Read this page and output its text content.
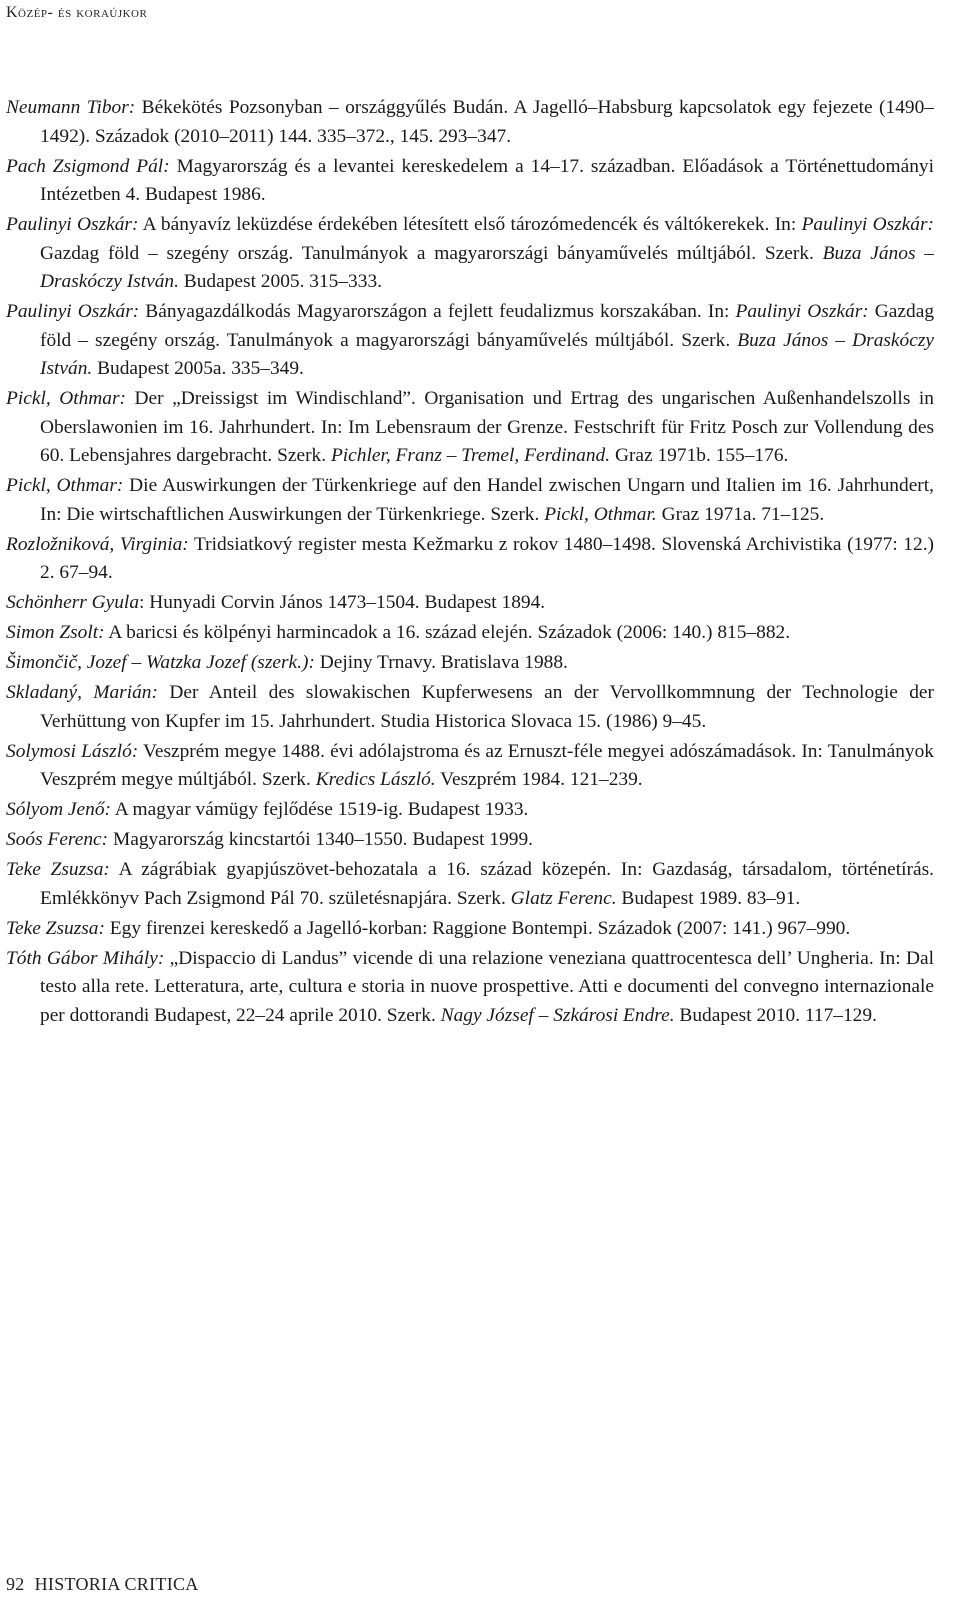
Közép- és koraújkor

Neumann Tibor: Békekötés Pozsonyban – országgyűlés Budán. A Jagelló–Habsburg kapcsolatok egy fejezete (1490–1492). Századok (2010–2011) 144. 335–372., 145. 293–347.

Pach Zsigmond Pál: Magyarország és a levantei kereskedelem a 14–17. században. Előadások a Történettudományi Intézetben 4. Budapest 1986.

Paulinyi Oszkár: A bányavíz leküzdése érdekében létesített első tározómedencék és váltókerekek. In: Paulinyi Oszkár: Gazdag föld – szegény ország. Tanulmányok a magyarországi bányaművelés múltjából. Szerk. Buza János – Draskóczy István. Budapest 2005. 315–333.

Paulinyi Oszkár: Bányagazdálkodás Magyarországon a fejlett feudalizmus korszakában. In: Paulinyi Oszkár: Gazdag föld – szegény ország. Tanulmányok a magyarországi bányaművelés múltjából. Szerk. Buza János – Draskóczy István. Budapest 2005a. 335–349.

Pickl, Othmar: Der „Dreissigst im Windischland”. Organisation und Ertrag des ungarischen Außenhandelszolls in Oberslawonien im 16. Jahrhundert. In: Im Lebensraum der Grenze. Festschrift für Fritz Posch zur Vollendung des 60. Lebensjahres dargebracht. Szerk. Pichler, Franz – Tremel, Ferdinand. Graz 1971b. 155–176.

Pickl, Othmar: Die Auswirkungen der Türkenkriege auf den Handel zwischen Ungarn und Italien im 16. Jahrhundert, In: Die wirtschaftlichen Auswirkungen der Türkenkriege. Szerk. Pickl, Othmar. Graz 1971a. 71–125.

Rozložniková, Virginia: Tridsiatkový register mesta Kežmarku z rokov 1480–1498. Slovenská Archivistika (1977: 12.) 2. 67–94.

Schönherr Gyula: Hunyadi Corvin János 1473–1504. Budapest 1894.

Simon Zsolt: A baricsi és kölpényi harmincadok a 16. század elején. Századok (2006: 140.) 815–882.

Šimončič, Jozef – Watzka Jozef (szerk.): Dejiny Trnavy. Bratislava 1988.

Skladaný, Marián: Der Anteil des slowakischen Kupferwesens an der Vervollkommnung der Technologie der Verhüttung von Kupfer im 15. Jahrhundert. Studia Historica Slovaca 15. (1986) 9–45.

Solymosi László: Veszprém megye 1488. évi adólajstroma és az Ernuszt-féle megyei adószámadások. In: Tanulmányok Veszprém megye múltjából. Szerk. Kredics László. Veszprém 1984. 121–239.

Sólyom Jenő: A magyar vámügy fejlődése 1519-ig. Budapest 1933.

Soós Ferenc: Magyarország kincstartói 1340–1550. Budapest 1999.

Teke Zsuzsa: A zágrábiak gyapjúszövet-behozatala a 16. század közepén. In: Gazdaság, társadalom, történetírás. Emlékkönyv Pach Zsigmond Pál 70. születésnapjára. Szerk. Glatz Ferenc. Budapest 1989. 83–91.

Teke Zsuzsa: Egy firenzei kereskedő a Jagelló-korban: Raggione Bontempi. Századok (2007: 141.) 967–990.

Tóth Gábor Mihály: „Dispaccio di Landus” vicende di una relazione veneziana quattrocentesca dell’ Ungheria. In: Dal testo alla rete. Letteratura, arte, cultura e storia in nuove prospettive. Atti e documenti del convegno internazionale per dottorandi Budapest, 22–24 aprile 2010. Szerk. Nagy József – Szkárosi Endre. Budapest 2010. 117–129.

92 HISTORIA CRITICA
